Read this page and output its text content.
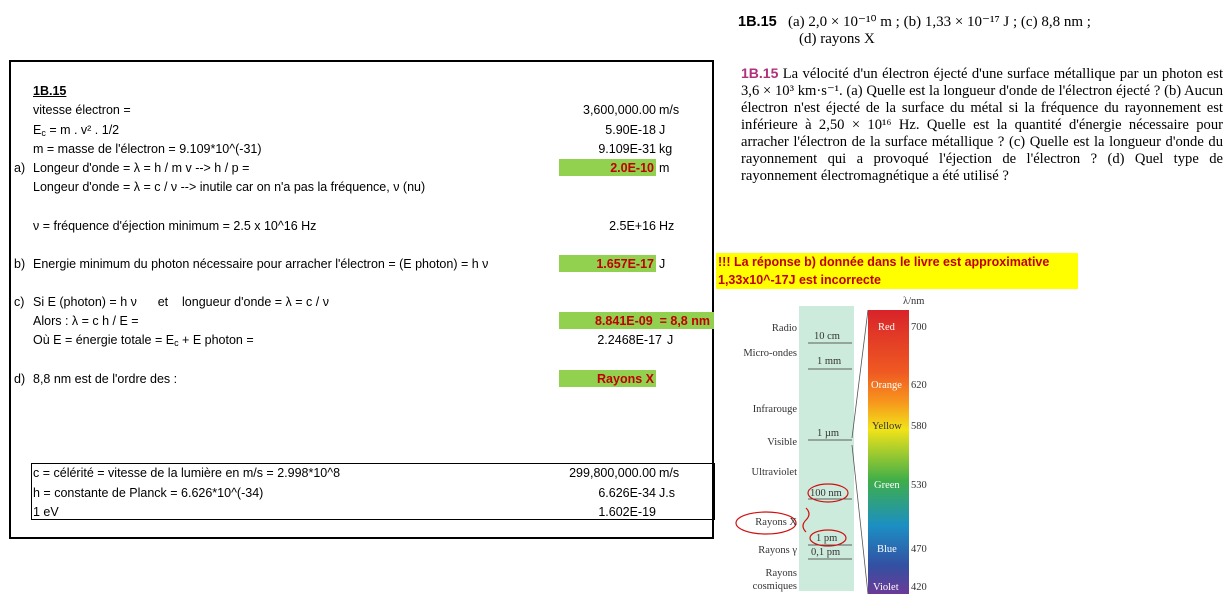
1B.15
vitesse électron =	3,600,000.00 m/s
$E_c = m$ . v² . 1/2	5.90E-18 J
m = masse de l'électron = 9.109*10^(-31)	9.109E-31 kg
a) Longeur d'onde = λ = h / m v --> h / p =	2.0E-10 m
Longeur d'onde = λ = c / ν --> inutile car on n'a pas la fréquence, ν (nu)
ν = fréquence d'éjection minimum = 2.5 x 10^16 Hz	2.5E+16 Hz
b) Energie minimum du photon nécessaire pour arracher l'électron = (E photon) = h ν	1.657E-17 J
c) Si E (photon) = h ν      et    longueur d'onde = λ = c / ν
Alors : λ = c h / E =	8.841E-09  = 8,8 nm
Où E = énergie totale = $E_c + E$ photon =	2.2468E-17 J
d) 8,8 nm est de l'ordre des :	Rayons X
c = célérité = vitesse de la lumière en m/s = 2.998*10^8	299,800,000.00 m/s
h = constante de Planck = 6.626*10^(-34)	6.626E-34 J.s
1 eV	1.602E-19
1B.15 (a) 2,0 × 10⁻¹⁰ m ; (b) 1,33 × 10⁻¹⁷ J ; (c) 8,8 nm ;
(d) rayons X
1B.15 La vélocité d'un électron éjecté d'une surface métallique par un photon est 3,6 × 10³ km·s⁻¹. (a) Quelle est la longueur d'onde de l'électron éjecté ? (b) Aucun électron n'est éjecté de la surface du métal si la fréquence du rayonnement est inférieure à 2,50 × 10¹⁶ Hz. Quelle est la quantité d'énergie nécessaire pour arracher l'électron de la surface métallique ? (c) Quelle est la longueur d'onde du rayonnement qui a provoqué l'éjection de l'électron ? (d) Quel type de rayonnement électromagnétique a été utilisé ?
!!! La réponse b) donnée dans le livre est approximative
1,33x10^-17J est incorrecte
λ/nm
Radio
Micro-ondes
Infrarouge
Visible
Ultraviolet
Rayons X
Rayons γ
Rayons
cosmiques
10 cm
1 mm
1 µm
100 nm
1 pm
0,1 pm
Red
Orange
Yellow
Green
Blue
Violet
700
620
580
530
470
420
